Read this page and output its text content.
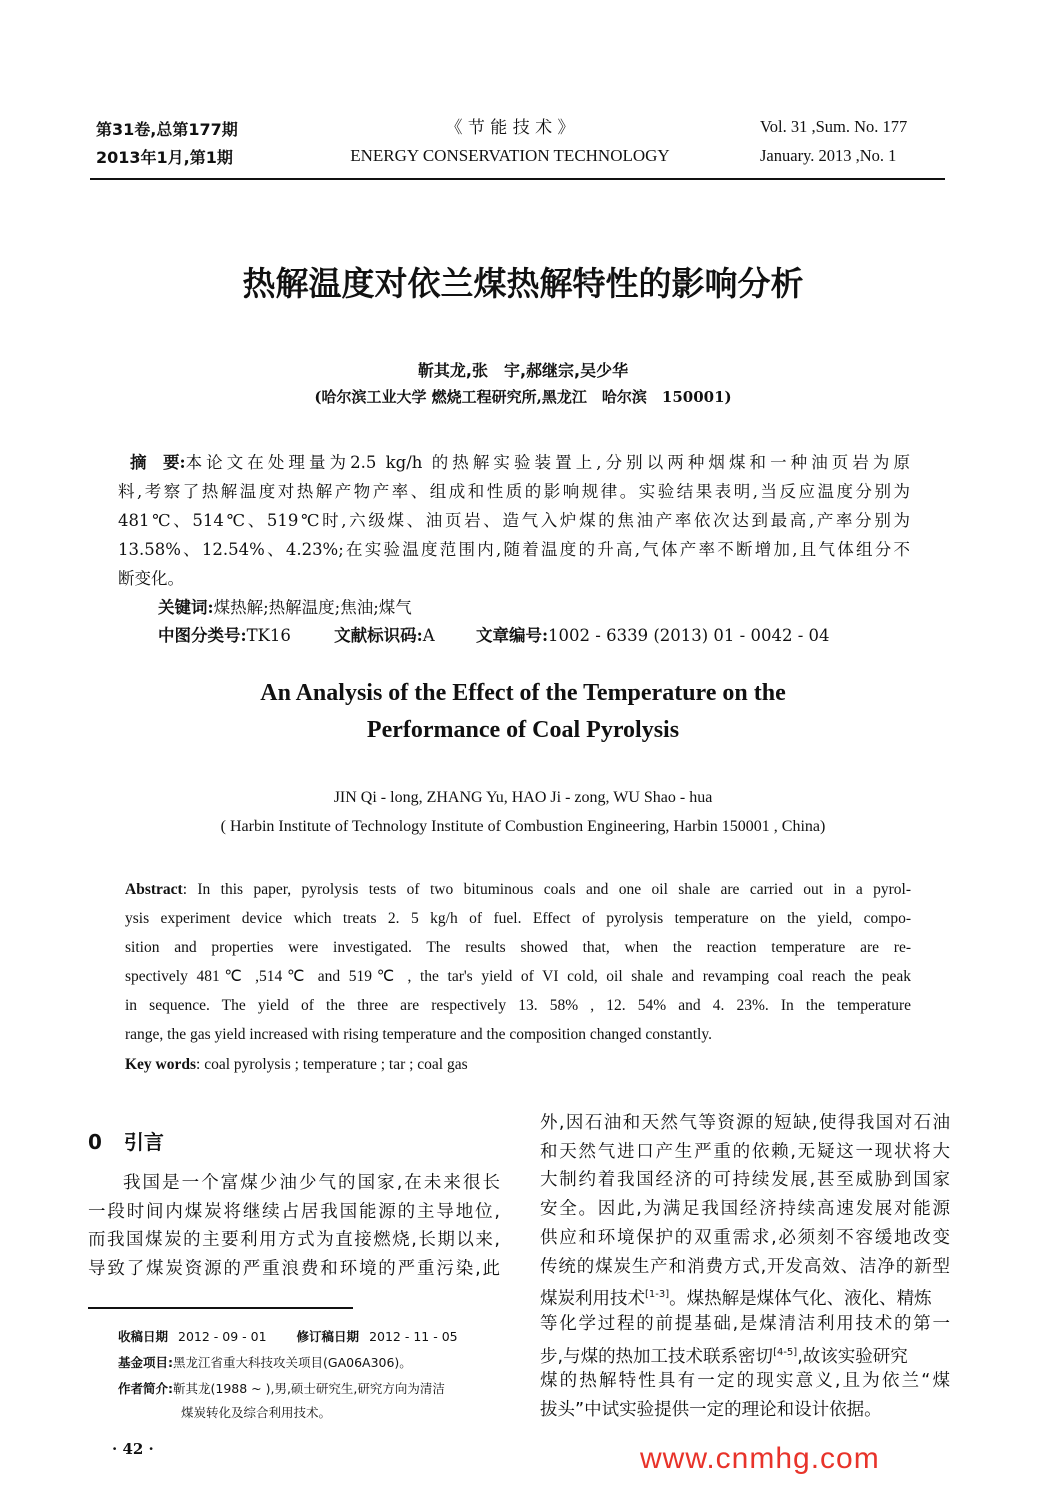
第31卷,总第177期
2013年1月,第1期
《 节 能 技 术 》
ENERGY CONSERVATION TECHNOLOGY
Vol. 31 ,Sum. No. 177
January. 2013 ,No. 1
热解温度对依兰煤热解特性的影响分析
靳其龙,张　宇,郝继宗,吴少华
(哈尔滨工业大学 燃烧工程研究所,黑龙江　哈尔滨　150001)
摘　要: 本论文在处理量为2.5 kg/h 的热解实验装置上,分别以两种烟煤和一种油页岩为原
料,考察了热解温度对热解产物产率、组成和性质的影响规律。实验结果表明,当反应温度分别为
481℃、514℃、519℃时,六级煤、油页岩、造气入炉煤的焦油产率依次达到最高,产率分别为
13.58%、12.54%、4.23%;在实验温度范围内,随着温度的升高,气体产率不断增加,且气体组分不
断变化。
关键词:煤热解;热解温度;焦油;煤气
中图分类号:TK16	文献标识码:A	文章编号:1002 - 6339 (2013) 01 - 0042 - 04
An Analysis of the Effect of the Temperature on the
Performance of Coal Pyrolysis
JIN Qi - long, ZHANG Yu, HAO Ji - zong, WU Shao - hua
( Harbin Institute of Technology Institute of Combustion Engineering, Harbin 150001 , China)
Abstract: In this paper, pyrolysis tests of two bituminous coals and one oil shale are carried out in a pyrol-
ysis experiment device which treats 2. 5 kg/h of fuel. Effect of pyrolysis temperature on the yield, compo-
sition and properties were investigated. The results showed that, when the reaction temperature are re-
spectively 481℃ ,514℃ and 519℃ , the tar's yield of VI cold, oil shale and revamping coal reach the peak
in sequence. The yield of the three are respectively 13. 58% , 12. 54% and 4. 23%. In the temperature
range, the gas yield increased with rising temperature and the composition changed constantly.
Key words: coal pyrolysis ; temperature ; tar ; coal gas
0 引言
我国是一个富煤少油少气的国家,在未来很长
一段时间内煤炭将继续占居我国能源的主导地位,
而我国煤炭的主要利用方式为直接燃烧,长期以来,
导致了煤炭资源的严重浪费和环境的严重污染,此
收稿日期 2012 - 09 - 01 修订稿日期 2012 - 11 - 05
基金项目:黑龙江省重大科技攻关项目(GA06A306)。
作者简介:靳其龙(1988 ~ ),男,硕士研究生,研究方向为清洁
煤炭转化及综合利用技术。
· 42 ·
外,因石油和天然气等资源的短缺,使得我国对石油
和天然气进口产生严重的依赖,无疑这一现状将大
大制约着我国经济的可持续发展,甚至威胁到国家
安全。因此,为满足我国经济持续高速发展对能源
供应和环境保护的双重需求,必须刻不容缓地改变
传统的煤炭生产和消费方式,开发高效、洁净的新型
煤炭利用技术[1-3]。煤热解是煤体气化、液化、精炼
等化学过程的前提基础,是煤清洁利用技术的第一
步,与煤的热加工技术联系密切[4-5],故该实验研究
煤的热解特性具有一定的现实意义,且为依兰“煤
拔头”中试实验提供一定的理论和设计依据。
www.cnmhg.com
